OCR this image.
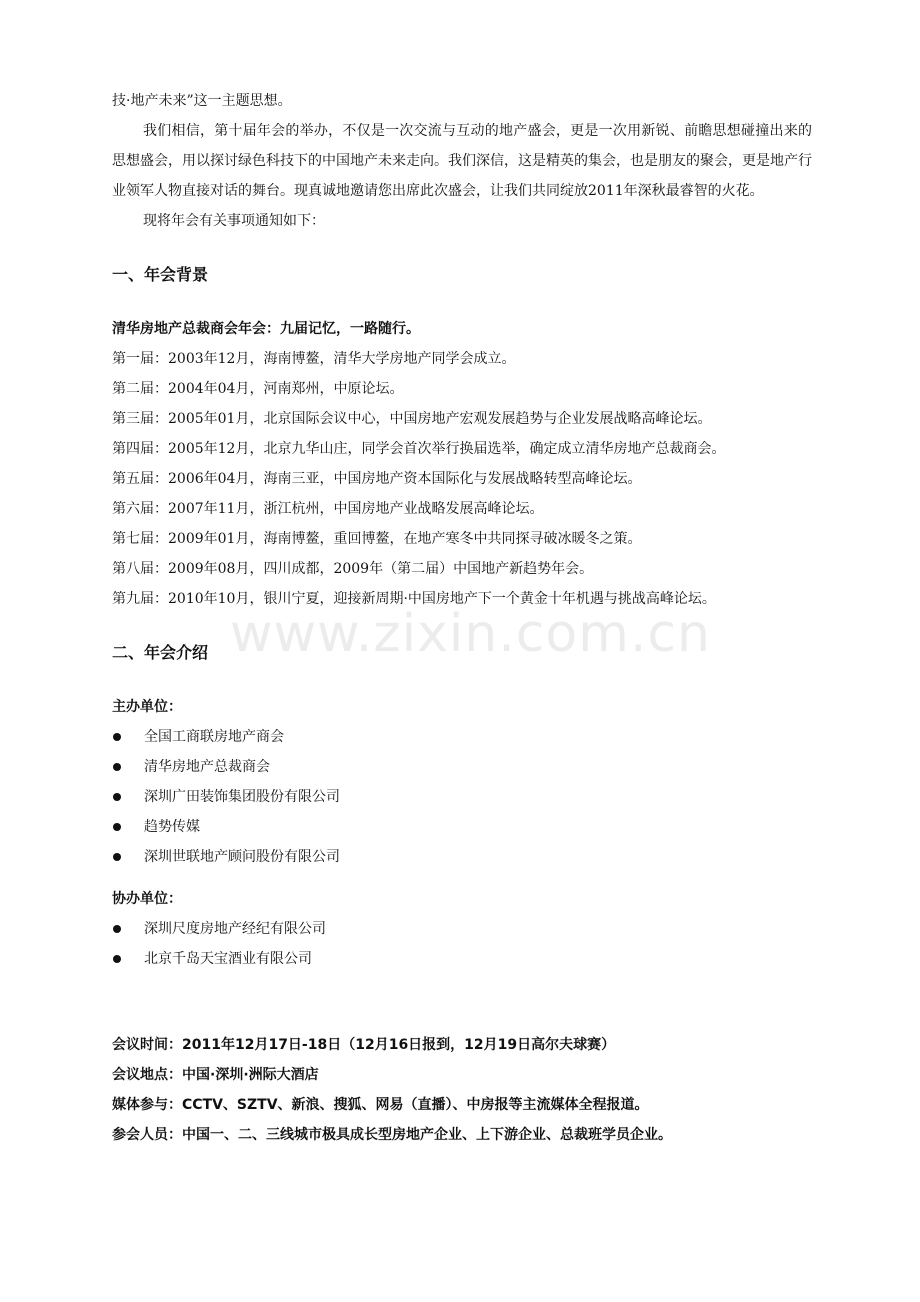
www.zixin.com.cn

技·地产未来”这一主题思想。

我们相信，第十届年会的举办，不仅是一次交流与互动的地产盛会，更是一次用新锐、前瞻思想碰撞出来的思想盛会，用以探讨绿色科技下的中国地产未来走向。我们深信，这是精英的集会，也是朋友的聚会，更是地产行业领军人物直接对话的舞台。现真诚地邀请您出席此次盛会，让我们共同绽放2011年深秋最睿智的火花。

现将年会有关事项通知如下：

一、年会背景

清华房地产总裁商会年会：九届记忆，一路随行。

第一届：2003年12月，海南博鳌，清华大学房地产同学会成立。

第二届：2004年04月，河南郑州，中原论坛。

第三届：2005年01月，北京国际会议中心，中国房地产宏观发展趋势与企业发展战略高峰论坛。

第四届：2005年12月，北京九华山庄，同学会首次举行换届选举，确定成立清华房地产总裁商会。

第五届：2006年04月，海南三亚，中国房地产资本国际化与发展战略转型高峰论坛。

第六届：2007年11月，浙江杭州，中国房地产业战略发展高峰论坛。

第七届：2009年01月，海南博鳌，重回博鳌，在地产寒冬中共同探寻破冰暖冬之策。

第八届：2009年08月，四川成都，2009年（第二届）中国地产新趋势年会。

第九届：2010年10月，银川宁夏，迎接新周期·中国房地产下一个黄金十年机遇与挑战高峰论坛。

二、年会介绍

主办单位：

全国工商联房地产商会
清华房地产总裁商会
深圳广田装饰集团股份有限公司
趋势传媒
深圳世联地产顾问股份有限公司

协办单位：

深圳尺度房地产经纪有限公司
北京千岛天宝酒业有限公司

会议时间：2011年12月17日-18日（12月16日报到，12月19日高尔夫球赛）

会议地点：中国·深圳·洲际大酒店

媒体参与：CCTV、SZTV、新浪、搜狐、网易（直播）、中房报等主流媒体全程报道。

参会人员：中国一、二、三线城市极具成长型房地产企业、上下游企业、总裁班学员企业。
